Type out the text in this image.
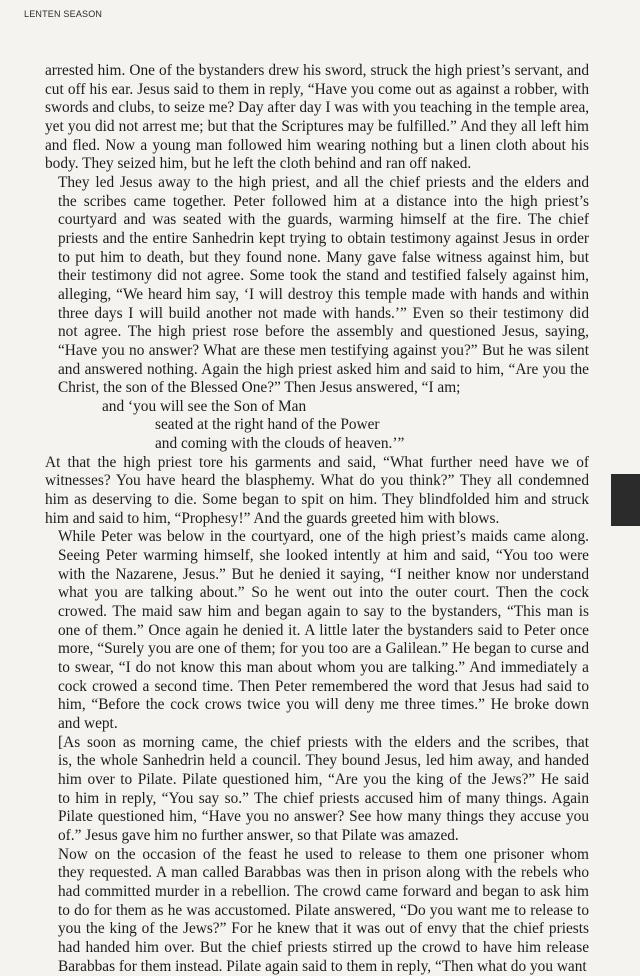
LENTEN SEASON

arrested him. One of the bystanders drew his sword, struck the high priest’s servant, and
cut off his ear. Jesus said to them in reply, “Have you come out as against a robber, with
swords and clubs, to seize me? Day after day I was with you teaching in the temple area,
yet you did not arrest me; but that the Scriptures may be fulfilled.” And they all left him
and fled. Now a young man followed him wearing nothing but a linen cloth about his
body. They seized him, but he left the cloth behind and ran off naked.

They led Jesus away to the high priest, and all the chief priests and the elders and
the scribes came together. Peter followed him at a distance into the high priest’s
courtyard and was seated with the guards, warming himself at the fire. The chief
priests and the entire Sanhedrin kept trying to obtain testimony against Jesus in order
to put him to death, but they found none. Many gave false witness against him, but
their testimony did not agree. Some took the stand and testified falsely against him,
alleging, “We heard him say, ‘I will destroy this temple made with hands and within
three days I will build another not made with hands.’” Even so their testimony did
not agree. The high priest rose before the assembly and questioned Jesus, saying,
“Have you no answer? What are these men testifying against you?” But he was silent
and answered nothing. Again the high priest asked him and said to him, “Are you the
Christ, the son of the Blessed One?” Then Jesus answered, “I am;

and ‘you will see the Son of Man
seated at the right hand of the Power
and coming with the clouds of heaven.’”

At that the high priest tore his garments and said, “What further need have we of
witnesses? You have heard the blasphemy. What do you think?” They all condemned
him as deserving to die. Some began to spit on him. They blindfolded him and struck
him and said to him, “Prophesy!” And the guards greeted him with blows.

While Peter was below in the courtyard, one of the high priest’s maids came along.
Seeing Peter warming himself, she looked intently at him and said, “You too were
with the Nazarene, Jesus.” But he denied it saying, “I neither know nor understand
what you are talking about.” So he went out into the outer court. Then the cock
crowed. The maid saw him and began again to say to the bystanders, “This man is
one of them.” Once again he denied it. A little later the bystanders said to Peter once
more, “Surely you are one of them; for you too are a Galilean.” He began to curse and
to swear, “I do not know this man about whom you are talking.” And immediately a
cock crowed a second time. Then Peter remembered the word that Jesus had said to
him, “Before the cock crows twice you will deny me three times.” He broke down
and wept.

[As soon as morning came, the chief priests with the elders and the scribes, that
is, the whole Sanhedrin held a council. They bound Jesus, led him away, and handed
him over to Pilate. Pilate questioned him, “Are you the king of the Jews?” He said
to him in reply, “You say so.” The chief priests accused him of many things. Again
Pilate questioned him, “Have you no answer? See how many things they accuse you
of.” Jesus gave him no further answer, so that Pilate was amazed.

Now on the occasion of the feast he used to release to them one prisoner whom
they requested. A man called Barabbas was then in prison along with the rebels who
had committed murder in a rebellion. The crowd came forward and began to ask him
to do for them as he was accustomed. Pilate answered, “Do you want me to release to
you the king of the Jews?” For he knew that it was out of envy that the chief priests
had handed him over. But the chief priests stirred up the crowd to have him release
Barabbas for them instead. Pilate again said to them in reply, “Then what do you want
